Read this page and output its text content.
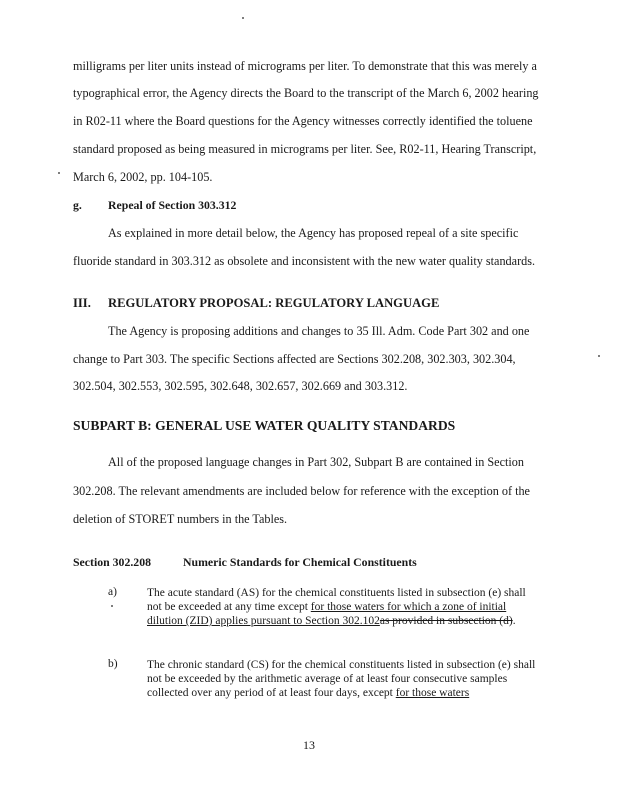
milligrams per liter units instead of micrograms per liter. To demonstrate that this was merely a
typographical error, the Agency directs the Board to the transcript of the March 6, 2002 hearing
in R02-11 where the Board questions for the Agency witnesses correctly identified the toluene
standard proposed as being measured in micrograms per liter. See, R02-11, Hearing Transcript,
March 6, 2002, pp. 104-105.
g. Repeal of Section 303.312
As explained in more detail below, the Agency has proposed repeal of a site specific
fluoride standard in 303.312 as obsolete and inconsistent with the new water quality standards.
III. REGULATORY PROPOSAL: REGULATORY LANGUAGE
The Agency is proposing additions and changes to 35 Ill. Adm. Code Part 302 and one
change to Part 303. The specific Sections affected are Sections 302.208, 302.303, 302.304,
302.504, 302.553, 302.595, 302.648, 302.657, 302.669 and 303.312.
SUBPART B: GENERAL USE WATER QUALITY STANDARDS
All of the proposed language changes in Part 302, Subpart B are contained in Section
302.208. The relevant amendments are included below for reference with the exception of the
deletion of STORET numbers in the Tables.
Section 302.208	Numeric Standards for Chemical Constituents
a)	The acute standard (AS) for the chemical constituents listed in subsection (e) shall not be exceeded at any time except for those waters for which a zone of initial dilution (ZID) applies pursuant to Section 302.102as provided in subsection (d).
b)	The chronic standard (CS) for the chemical constituents listed in subsection (e) shall not be exceeded by the arithmetic average of at least four consecutive samples collected over any period of at least four days, except for those waters
13
